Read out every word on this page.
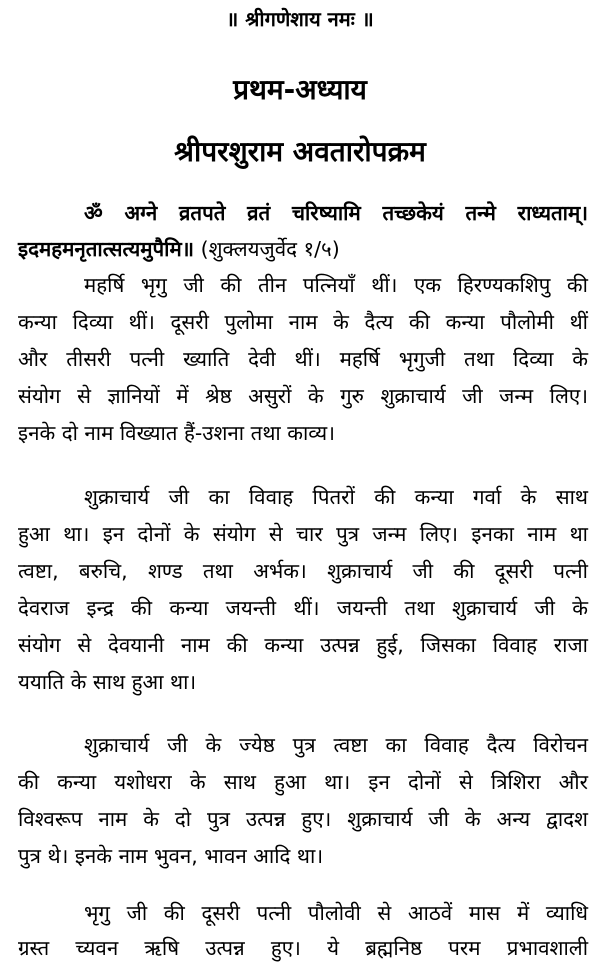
॥ श्रीगणेशाय नमः ॥
प्रथम-अध्याय
श्रीपरशुराम अवतारोपक्रम
ॐ अग्ने व्रतपते व्रतं चरिष्यामि तच्छकेयं तन्मे राध्यताम्।
इदमहमनृतात्सत्यमुपैमि॥ (शुक्लयजुर्वेद १/५)
महर्षि भृगु जी की तीन पत्नियाँ थीं। एक हिरण्यकशिपु की
कन्या दिव्या थीं। दूसरी पुलोमा नाम के दैत्य की कन्या पौलोमी थीं
और तीसरी पत्नी ख्याति देवी थीं। महर्षि भृगुजी तथा दिव्या के
संयोग से ज्ञानियों में श्रेष्ठ असुरों के गुरु शुक्राचार्य जी जन्म लिए।
इनके दो नाम विख्यात हैं-उशना तथा काव्य।
शुक्राचार्य जी का विवाह पितरों की कन्या गर्वा के साथ
हुआ था। इन दोनों के संयोग से चार पुत्र जन्म लिए। इनका नाम था
त्वष्टा, बरुचि, शण्ड तथा अर्भक। शुक्राचार्य जी की दूसरी पत्नी
देवराज इन्द्र की कन्या जयन्ती थीं। जयन्ती तथा शुक्राचार्य जी के
संयोग से देवयानी नाम की कन्या उत्पन्न हुई, जिसका विवाह राजा
ययाति के साथ हुआ था।
शुक्राचार्य जी के ज्येष्ठ पुत्र त्वष्टा का विवाह दैत्य विरोचन
की कन्या यशोधरा के साथ हुआ था। इन दोनों से त्रिशिरा और
विश्वरूप नाम के दो पुत्र उत्पन्न हुए। शुक्राचार्य जी के अन्य द्वादश
पुत्र थे। इनके नाम भुवन, भावन आदि था।
भृगु जी की दूसरी पत्नी पौलोवी से आठवें मास में व्याधि
ग्रस्त च्यवन ऋषि उत्पन्न हुए। ये ब्रह्मनिष्ठ परम प्रभावशाली
